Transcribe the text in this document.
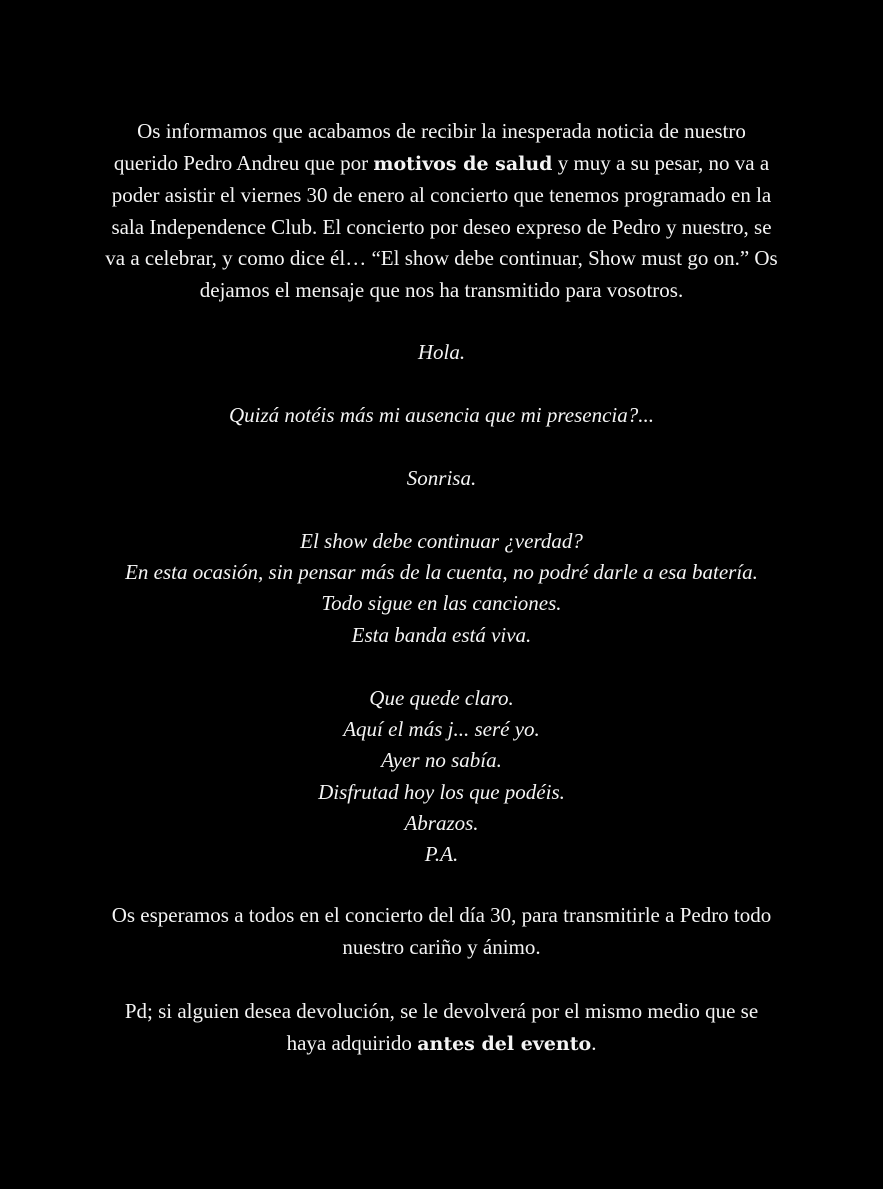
Os informamos que acabamos de recibir la inesperada noticia de nuestro
querido Pedro Andreu que por motivos de salud y muy a su pesar, no va a
poder asistir el viernes 30 de enero al concierto que tenemos programado en la
sala Independence Club. El concierto por deseo expreso de Pedro y nuestro, se
va a celebrar, y como dice él… “El show debe continuar, Show must go on.” Os
dejamos el mensaje que nos ha transmitido para vosotros.

Hola.

Quizá notéis más mi ausencia que mi presencia?...

Sonrisa.

El show debe continuar ¿verdad?
En esta ocasión, sin pensar más de la cuenta, no podré darle a esa batería.
Todo sigue en las canciones.
Esta banda está viva.

Que quede claro.
Aquí el más j... seré yo.
Ayer no sabía.
Disfrutad hoy los que podéis.
Abrazos.
P.A.

Os esperamos a todos en el concierto del día 30, para transmitirle a Pedro todo
nuestro cariño y ánimo.

Pd; si alguien desea devolución, se le devolverá por el mismo medio que se
haya adquirido antes del evento.
